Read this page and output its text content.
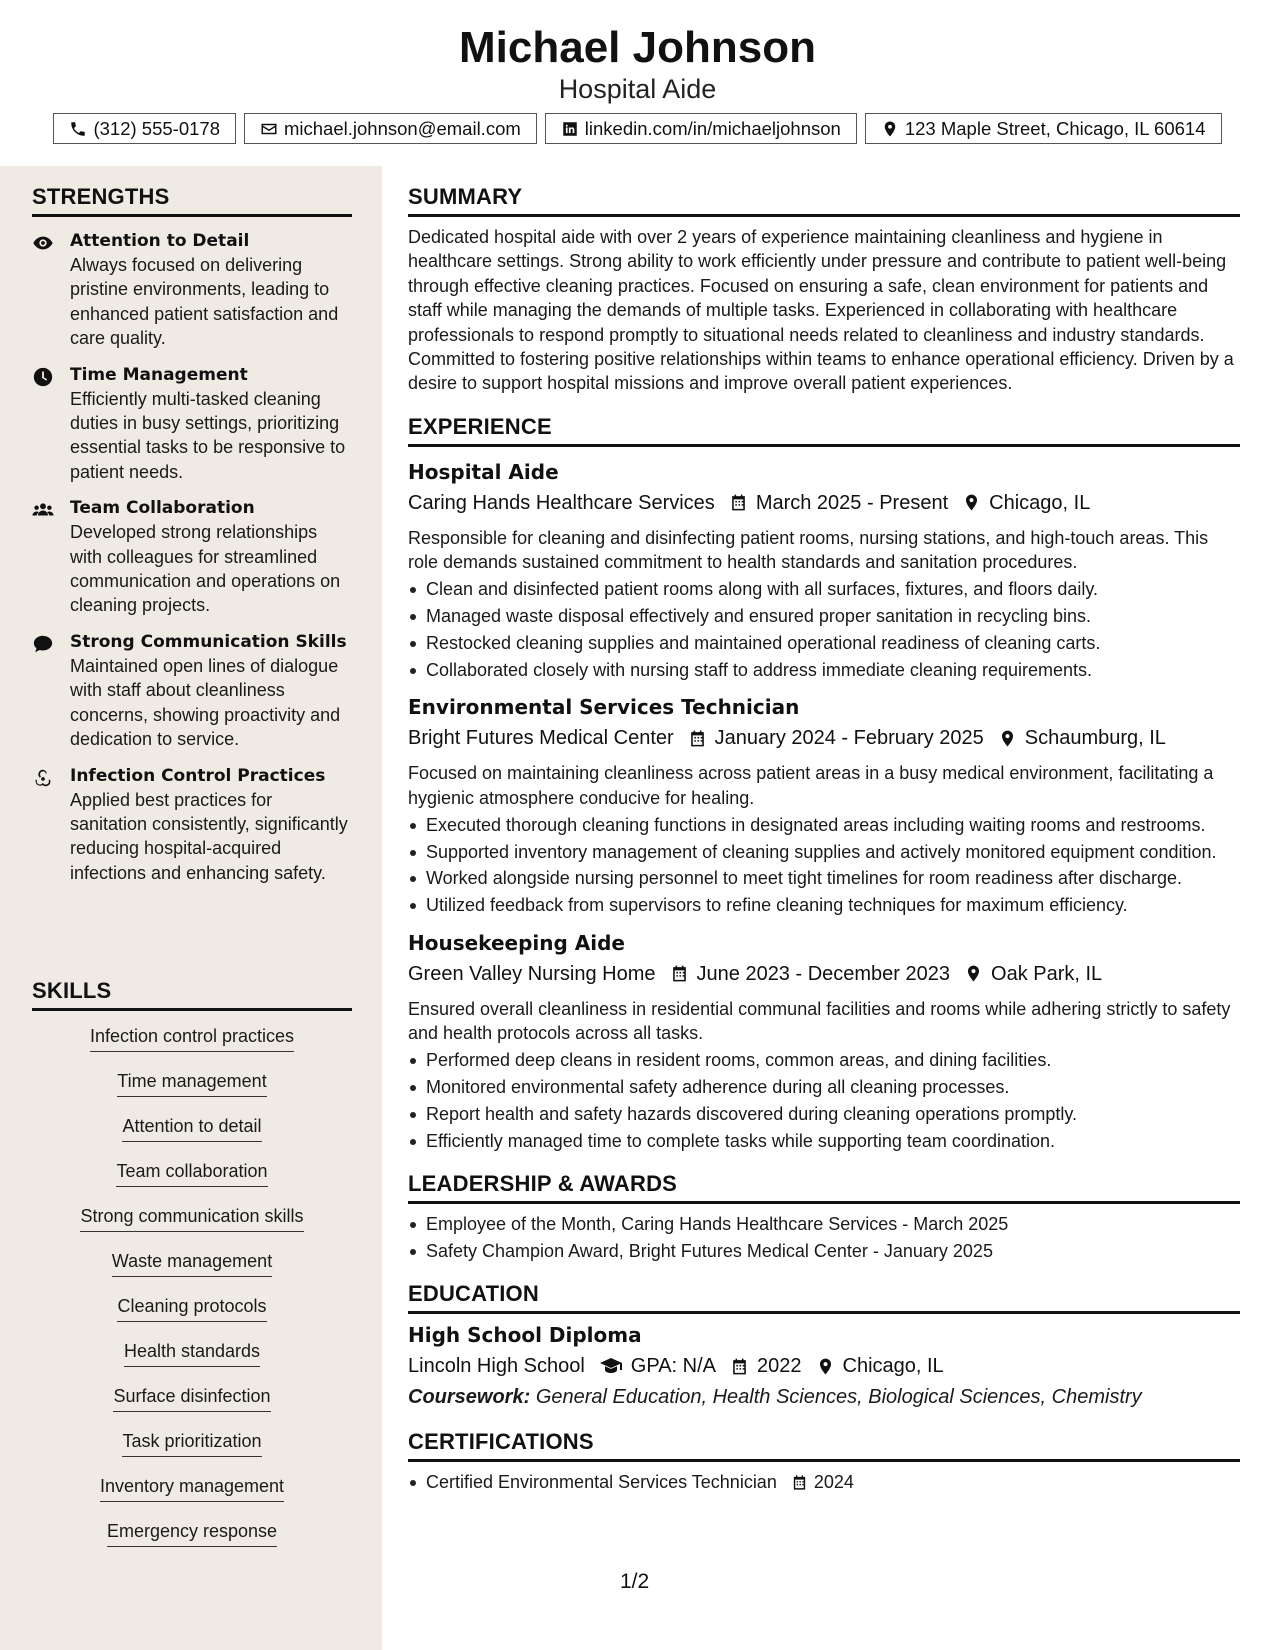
Michael Johnson
Hospital Aide
(312) 555-0178	michael.johnson@email.com	linkedin.com/in/michaeljohnson	123 Maple Street, Chicago, IL 60614
STRENGTHS
Attention to Detail
Always focused on delivering pristine environments, leading to enhanced patient satisfaction and care quality.
Time Management
Efficiently multi-tasked cleaning duties in busy settings, prioritizing essential tasks to be responsive to patient needs.
Team Collaboration
Developed strong relationships with colleagues for streamlined communication and operations on cleaning projects.
Strong Communication Skills
Maintained open lines of dialogue with staff about cleanliness concerns, showing proactivity and dedication to service.
Infection Control Practices
Applied best practices for sanitation consistently, significantly reducing hospital-acquired infections and enhancing safety.
SKILLS
Infection control practices
Time management
Attention to detail
Team collaboration
Strong communication skills
Waste management
Cleaning protocols
Health standards
Surface disinfection
Task prioritization
Inventory management
Emergency response
SUMMARY
Dedicated hospital aide with over 2 years of experience maintaining cleanliness and hygiene in healthcare settings. Strong ability to work efficiently under pressure and contribute to patient well-being through effective cleaning practices. Focused on ensuring a safe, clean environment for patients and staff while managing the demands of multiple tasks. Experienced in collaborating with healthcare professionals to respond promptly to situational needs related to cleanliness and industry standards. Committed to fostering positive relationships within teams to enhance operational efficiency. Driven by a desire to support hospital missions and improve overall patient experiences.
EXPERIENCE
Hospital Aide
Caring Hands Healthcare Services March 2025 - Present Chicago, IL
Responsible for cleaning and disinfecting patient rooms, nursing stations, and high-touch areas. This role demands sustained commitment to health standards and sanitation procedures.
Clean and disinfected patient rooms along with all surfaces, fixtures, and floors daily.
Managed waste disposal effectively and ensured proper sanitation in recycling bins.
Restocked cleaning supplies and maintained operational readiness of cleaning carts.
Collaborated closely with nursing staff to address immediate cleaning requirements.
Environmental Services Technician
Bright Futures Medical Center January 2024 - February 2025 Schaumburg, IL
Focused on maintaining cleanliness across patient areas in a busy medical environment, facilitating a hygienic atmosphere conducive for healing.
Executed thorough cleaning functions in designated areas including waiting rooms and restrooms.
Supported inventory management of cleaning supplies and actively monitored equipment condition.
Worked alongside nursing personnel to meet tight timelines for room readiness after discharge.
Utilized feedback from supervisors to refine cleaning techniques for maximum efficiency.
Housekeeping Aide
Green Valley Nursing Home June 2023 - December 2023 Oak Park, IL
Ensured overall cleanliness in residential communal facilities and rooms while adhering strictly to safety and health protocols across all tasks.
Performed deep cleans in resident rooms, common areas, and dining facilities.
Monitored environmental safety adherence during all cleaning processes.
Report health and safety hazards discovered during cleaning operations promptly.
Efficiently managed time to complete tasks while supporting team coordination.
LEADERSHIP & AWARDS
Employee of the Month, Caring Hands Healthcare Services - March 2025
Safety Champion Award, Bright Futures Medical Center - January 2025
EDUCATION
High School Diploma
Lincoln High School GPA: N/A 2022 Chicago, IL
Coursework: General Education, Health Sciences, Biological Sciences, Chemistry
CERTIFICATIONS
Certified Environmental Services Technician 2024
1/2
